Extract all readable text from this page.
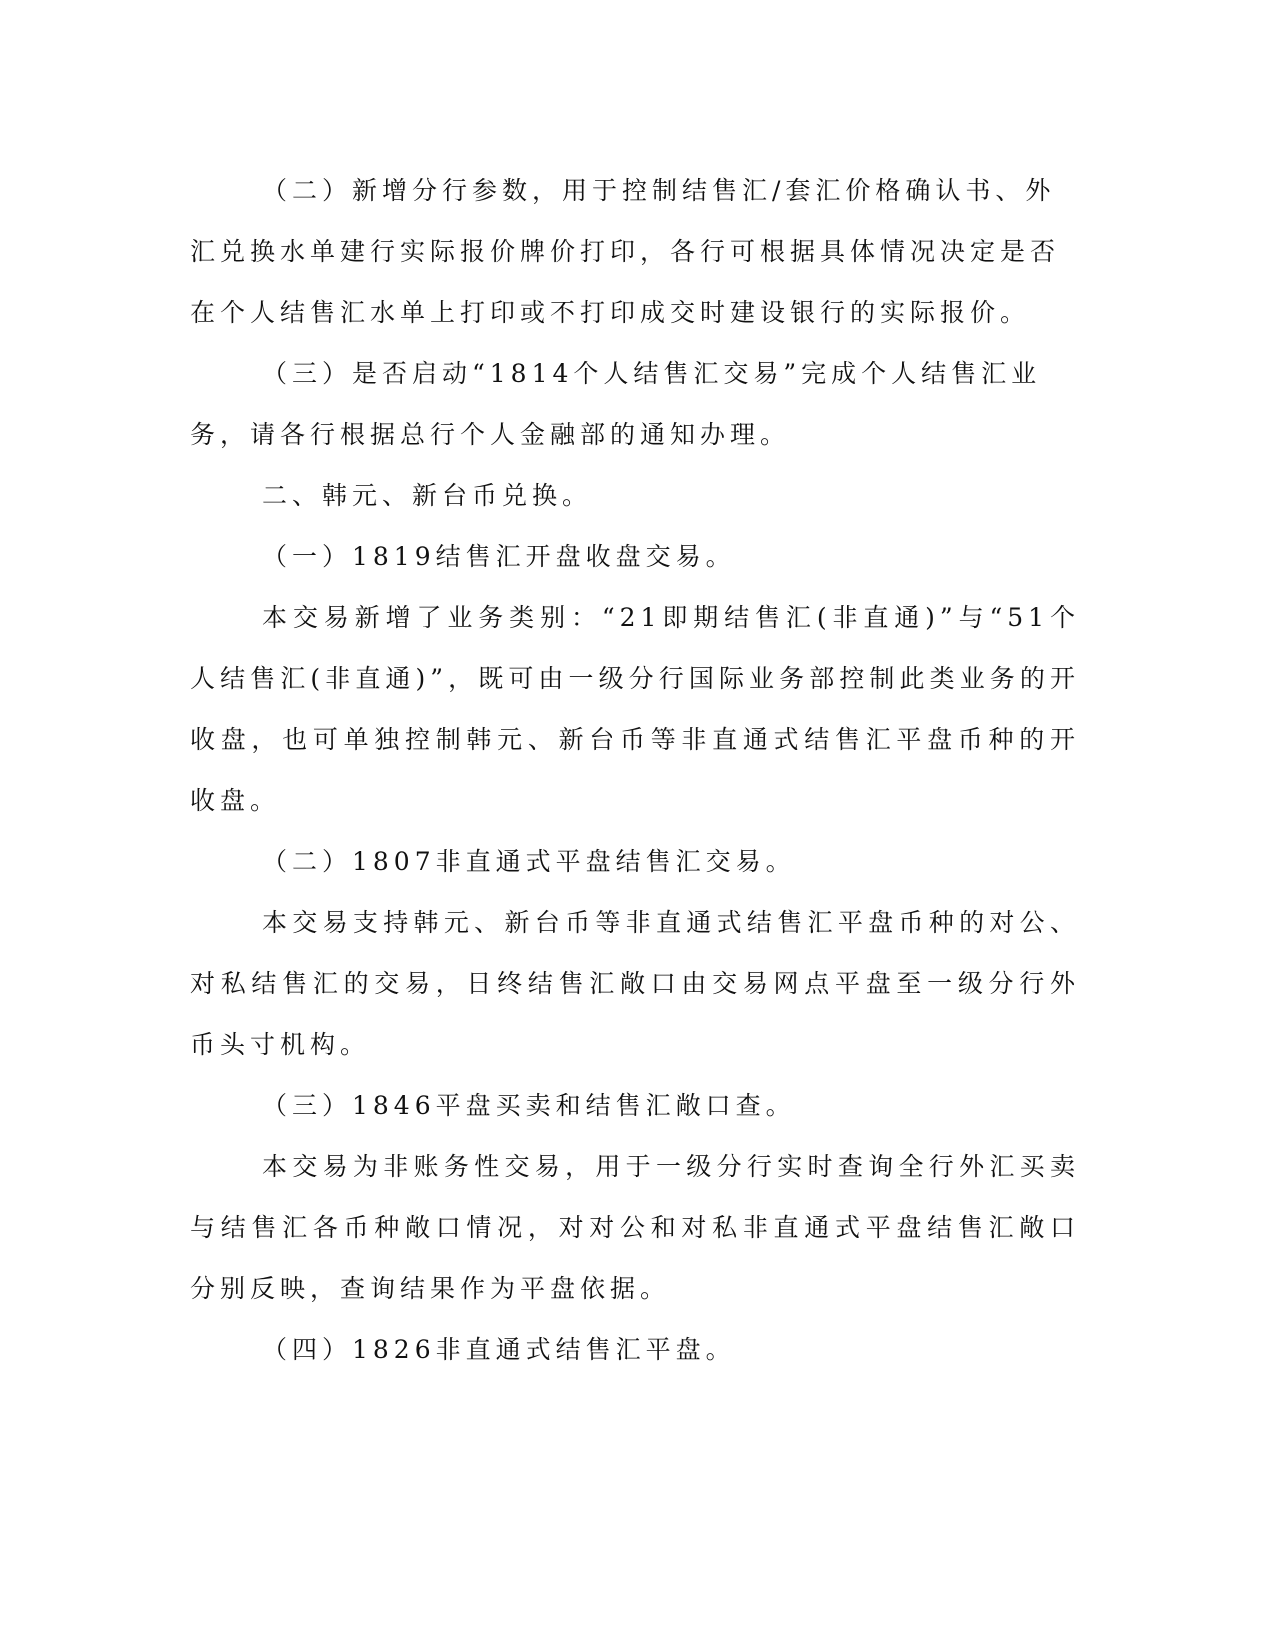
（二）新增分行参数，用于控制结售汇/套汇价格确认书、外汇兑换水单建行实际报价牌价打印，各行可根据具体情况决定是否在个人结售汇水单上打印或不打印成交时建设银行的实际报价。

（三）是否启动“1814个人结售汇交易”完成个人结售汇业务，请各行根据总行个人金融部的通知办理。

二、韩元、新台币兑换。

（一）1819结售汇开盘收盘交易。

本交易新增了业务类别：“21即期结售汇(非直通)”与“51个人结售汇(非直通)”，既可由一级分行国际业务部控制此类业务的开收盘，也可单独控制韩元、新台币等非直通式结售汇平盘币种的开收盘。

（二）1807非直通式平盘结售汇交易。

本交易支持韩元、新台币等非直通式结售汇平盘币种的对公、对私结售汇的交易，日终结售汇敞口由交易网点平盘至一级分行外币头寸机构。

（三）1846平盘买卖和结售汇敞口查。

本交易为非账务性交易，用于一级分行实时查询全行外汇买卖与结售汇各币种敞口情况，对对公和对私非直通式平盘结售汇敞口分别反映，查询结果作为平盘依据。

（四）1826非直通式结售汇平盘。
